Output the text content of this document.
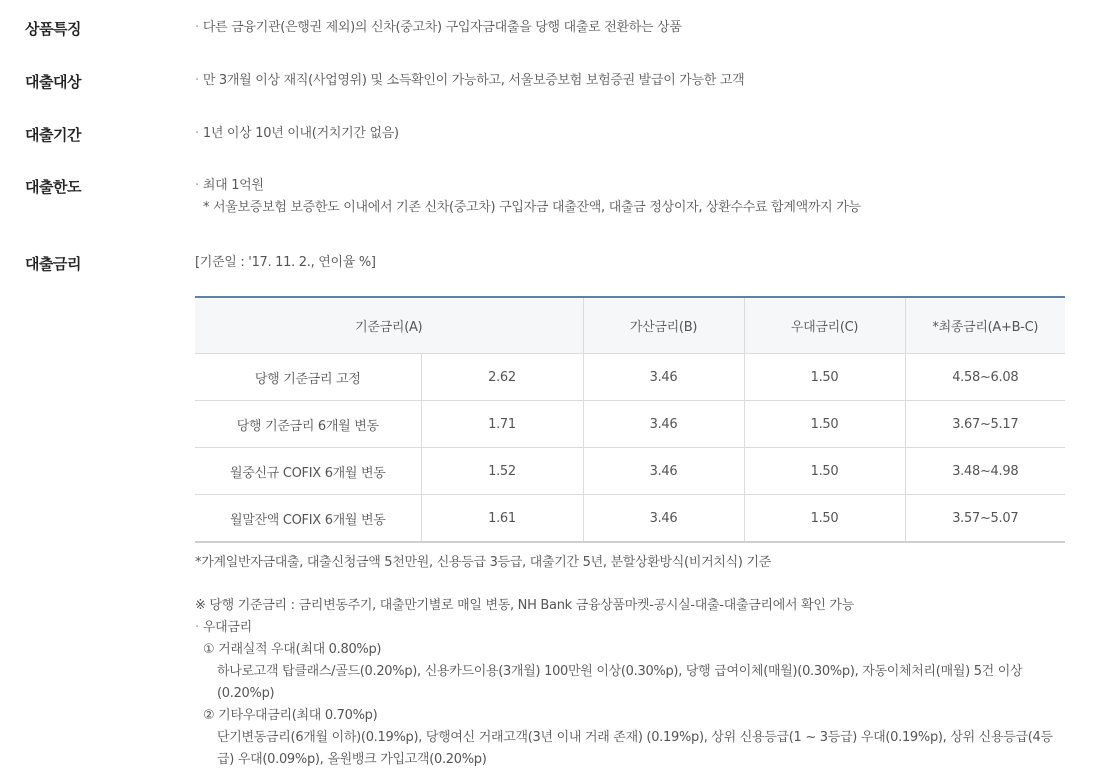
상품특징	· 다른 금융기관(은행권 제외)의 신차(중고차) 구입자금대출을 당행 대출로 전환하는 상품
대출대상	· 만 3개월 이상 재직(사업영위) 및 소득확인이 가능하고, 서울보증보험 보험증권 발급이 가능한 고객
대출기간	· 1년 이상 10년 이내(거치기간 없음)
대출한도	· 최대 1억원
* 서울보증보험 보증한도 이내에서 기존 신차(중고차) 구입자금 대출잔액, 대출금 정상이자, 상환수수료 합계액까지 가능
대출금리	[기준일 : '17. 11. 2., 연이율 %]
기준금리(A)		가산금리(B)	우대금리(C)	*최종금리(A+B-C)
당행 기준금리 고정	2.62	3.46	1.50	4.58~6.08
당행 기준금리 6개월 변동	1.71	3.46	1.50	3.67~5.17
월중신규 COFIX 6개월 변동	1.52	3.46	1.50	3.48~4.98
월말잔액 COFIX 6개월 변동	1.61	3.46	1.50	3.57~5.07
*가계일반자금대출, 대출신청금액 5천만원, 신용등급 3등급, 대출기간 5년, 분할상환방식(비거치식) 기준
※ 당행 기준금리 : 금리변동주기, 대출만기별로 매일 변동, NH Bank 금융상품마켓-공시실-대출-대출금리에서 확인 가능
· 우대금리
① 거래실적 우대(최대 0.80%p)
하나로고객 탑클래스/골드(0.20%p), 신용카드이용(3개월) 100만원 이상(0.30%p), 당행 급여이체(매월)(0.30%p), 자동이체처리(매월) 5건 이상(0.20%p)
② 기타우대금리(최대 0.70%p)
단기변동금리(6개월 이하)(0.19%p), 당행여신 거래고객(3년 이내 거래 존재) (0.19%p), 상위 신용등급(1 ~ 3등급) 우대(0.19%p), 상위 신용등급(4등급) 우대(0.09%p), 올원뱅크 가입고객(0.20%p)
